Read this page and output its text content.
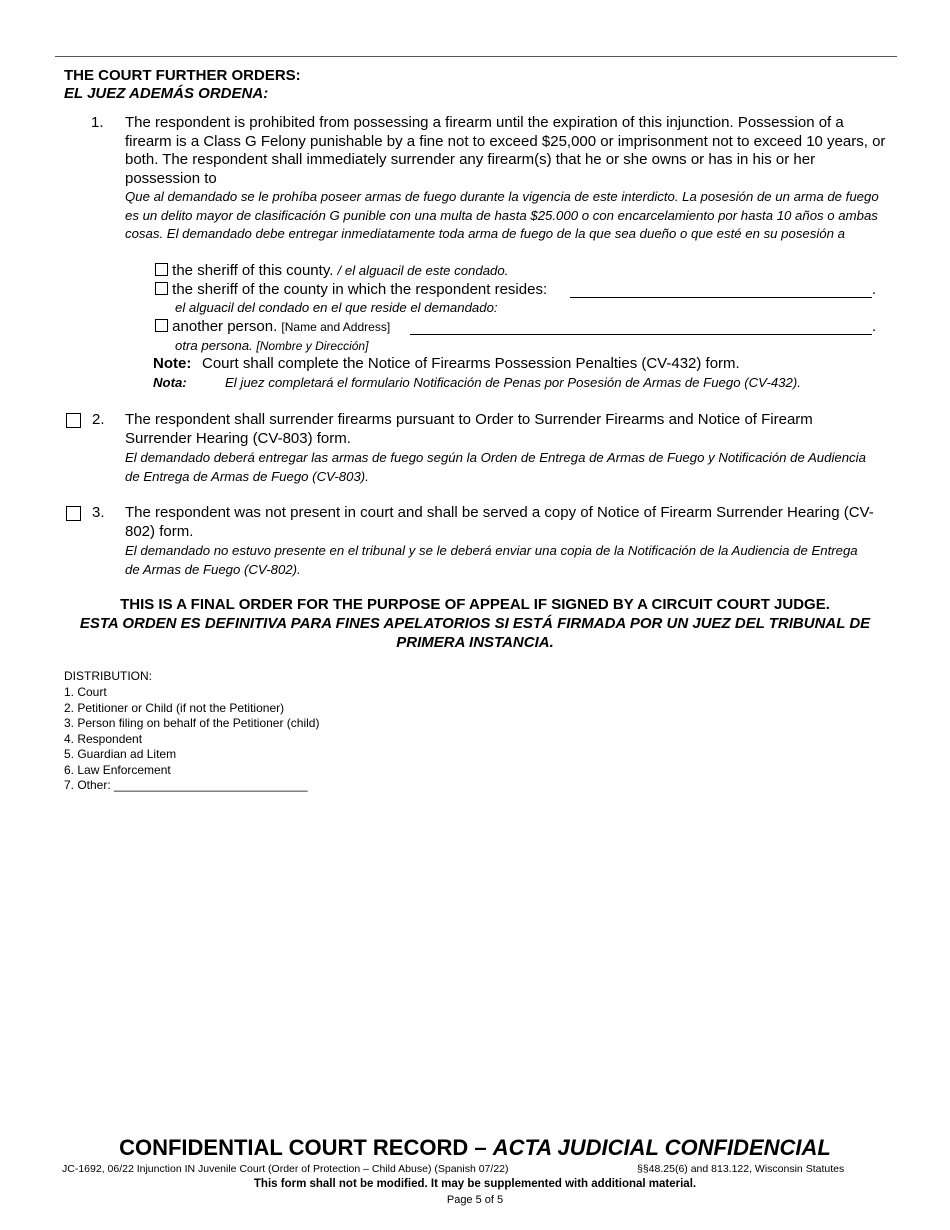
THE COURT FURTHER ORDERS:
EL JUEZ ADEMÁS ORDENA:
1. The respondent is prohibited from possessing a firearm until the expiration of this injunction. Possession of a firearm is a Class G Felony punishable by a fine not to exceed $25,000 or imprisonment not to exceed 10 years, or both. The respondent shall immediately surrender any firearm(s) that he or she owns or has in his or her possession to
Que al demandado se le prohíba poseer armas de fuego durante la vigencia de este interdicto. La posesión de un arma de fuego es un delito mayor de clasificación G punible con una multa de hasta $25.000 o con encarcelamiento por hasta 10 años o ambas cosas. El demandado debe entregar inmediatamente toda arma de fuego de la que sea dueño o que esté en su posesión a
the sheriff of this county. / el alguacil de este condado.
the sheriff of the county in which the respondent resides:	.
el alguacil del condado en el que reside el demandado:
another person. [Name and Address]	.
otra persona. [Nombre y Dirección]
Note: Court shall complete the Notice of Firearms Possession Penalties (CV-432) form.
Nota:	El juez completará el formulario Notificación de Penas por Posesión de Armas de Fuego (CV-432).
2. The respondent shall surrender firearms pursuant to Order to Surrender Firearms and Notice of Firearm Surrender Hearing (CV-803) form.
El demandado deberá entregar las armas de fuego según la Orden de Entrega de Armas de Fuego y Notificación de Audiencia de Entrega de Armas de Fuego (CV-803).
3. The respondent was not present in court and shall be served a copy of Notice of Firearm Surrender Hearing (CV-802) form.
El demandado no estuvo presente en el tribunal y se le deberá enviar una copia de la Notificación de la Audiencia de Entrega de Armas de Fuego (CV-802).
THIS IS A FINAL ORDER FOR THE PURPOSE OF APPEAL IF SIGNED BY A CIRCUIT COURT JUDGE.
ESTA ORDEN ES DEFINITIVA PARA FINES APELATORIOS SI ESTÁ FIRMADA POR UN JUEZ DEL TRIBUNAL DE PRIMERA INSTANCIA.
DISTRIBUTION:
1. Court
2. Petitioner or Child (if not the Petitioner)
3. Person filing on behalf of the Petitioner (child)
4. Respondent
5. Guardian ad Litem
6. Law Enforcement
7. Other: _____________________________
CONFIDENTIAL COURT RECORD – ACTA JUDICIAL CONFIDENCIAL
JC-1692, 06/22 Injunction IN Juvenile Court (Order of Protection – Child Abuse) (Spanish 07/22)	§§48.25(6) and 813.122, Wisconsin Statutes
This form shall not be modified. It may be supplemented with additional material.
Page 5 of 5
